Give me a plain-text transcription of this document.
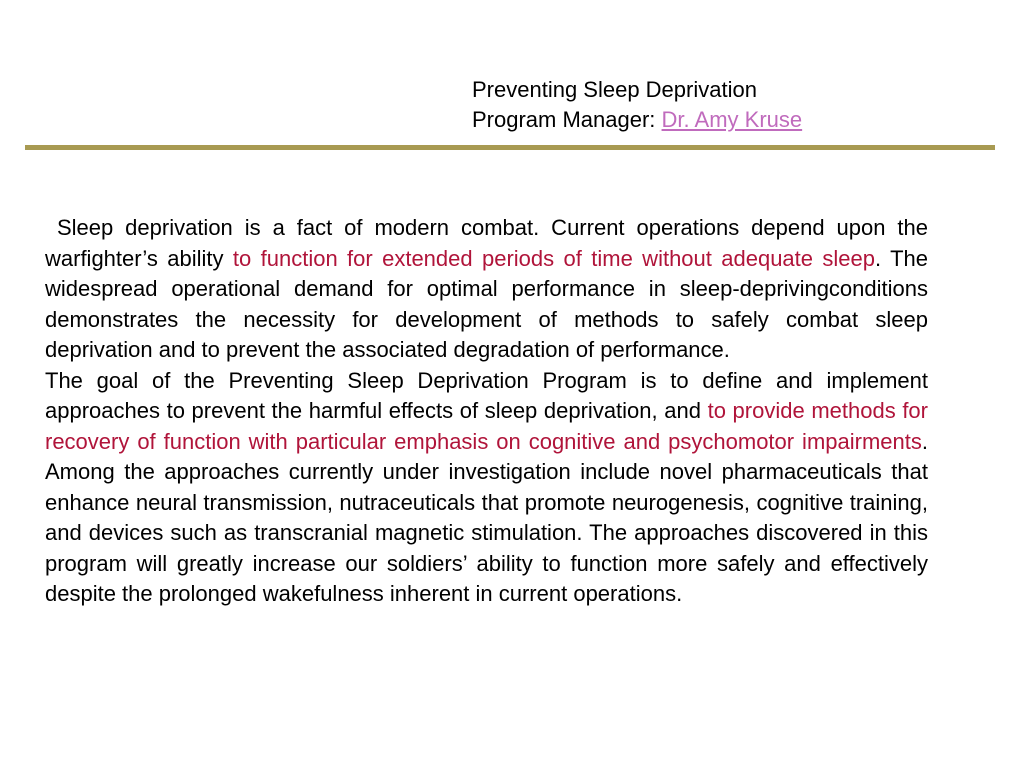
Preventing Sleep Deprivation
Program Manager: Dr. Amy Kruse

Sleep deprivation is a fact of modern combat. Current operations depend upon the warfighter’s ability to function for extended periods of time without adequate sleep. The widespread operational demand for optimal performance in sleep-deprivingconditions demonstrates the necessity for development of methods to safely combat sleep deprivation and to prevent the associated degradation of performance.

The goal of the Preventing Sleep Deprivation Program is to define and implement approaches to prevent the harmful effects of sleep deprivation, and to provide methods for recovery of function with particular emphasis on cognitive and psychomotor impairments. Among the approaches currently under investigation include novel pharmaceuticals that enhance neural transmission, nutraceuticals that promote neurogenesis, cognitive training, and devices such as transcranial magnetic stimulation. The approaches discovered in this program will greatly increase our soldiers’ ability to function more safely and effectively despite the prolonged wakefulness inherent in current operations.
